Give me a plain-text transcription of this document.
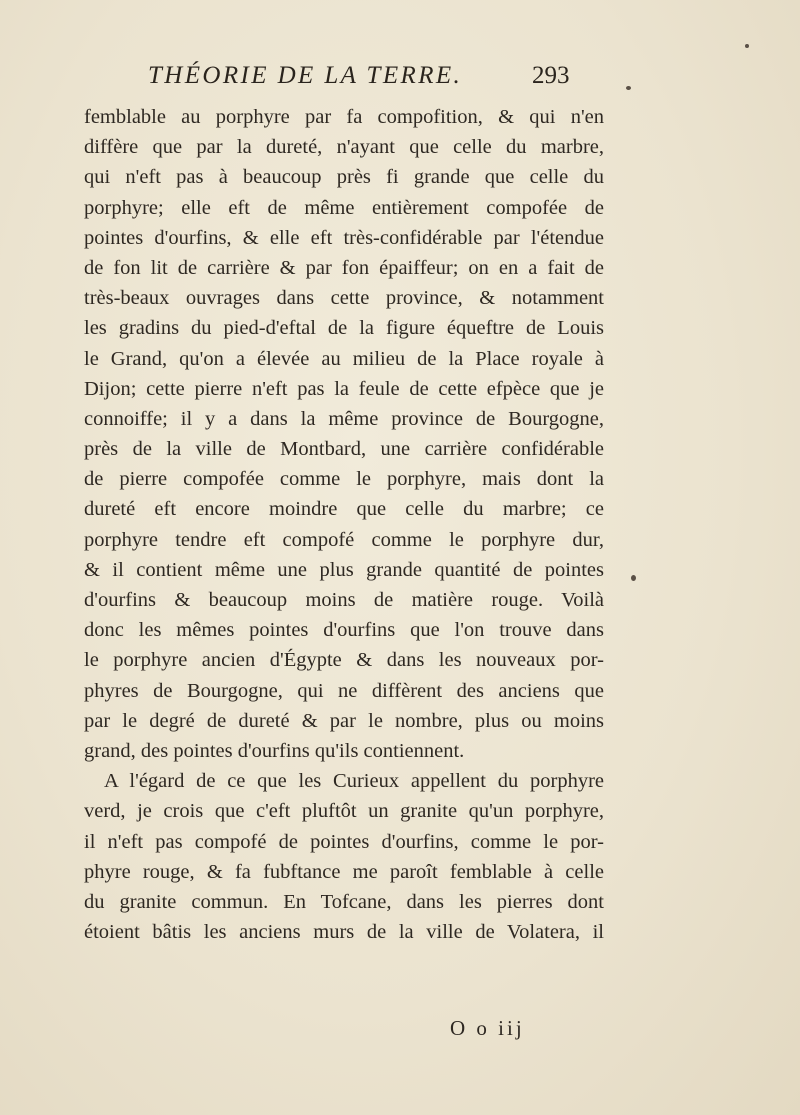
THÉORIE DE LA TERRE.	293
femblable au porphyre par fa compofition, & qui n'en
diffère que par la dureté, n'ayant que celle du marbre,
qui n'eft pas à beaucoup près fi grande que celle du
porphyre; elle eft de même entièrement compofée de
pointes d'ourfins, & elle eft très-confidérable par l'étendue
de fon lit de carrière & par fon épaiffeur; on en a fait de
très-beaux ouvrages dans cette province, & notamment
les gradins du pied-d'eftal de la figure équeftre de Louis
le Grand, qu'on a élevée au milieu de la Place royale à
Dijon; cette pierre n'eft pas la feule de cette efpèce que je
connoiffe; il y a dans la même province de Bourgogne,
près de la ville de Montbard, une carrière confidérable
de pierre compofée comme le porphyre, mais dont la
dureté eft encore moindre que celle du marbre; ce
porphyre tendre eft compofé comme le porphyre dur,
& il contient même une plus grande quantité de pointes
d'ourfins & beaucoup moins de matière rouge. Voilà
donc les mêmes pointes d'ourfins que l'on trouve dans
le porphyre ancien d'Égypte & dans les nouveaux por-
phyres de Bourgogne, qui ne diffèrent des anciens que
par le degré de dureté & par le nombre, plus ou moins
grand, des pointes d'ourfins qu'ils contiennent.
A l'égard de ce que les Curieux appellent du porphyre
verd, je crois que c'eft pluftôt un granite qu'un porphyre,
il n'eft pas compofé de pointes d'ourfins, comme le por-
phyre rouge, & fa fubftance me paroît femblable à celle
du granite commun. En Tofcane, dans les pierres dont
étoient bâtis les anciens murs de la ville de Volatera, il
O o iij
